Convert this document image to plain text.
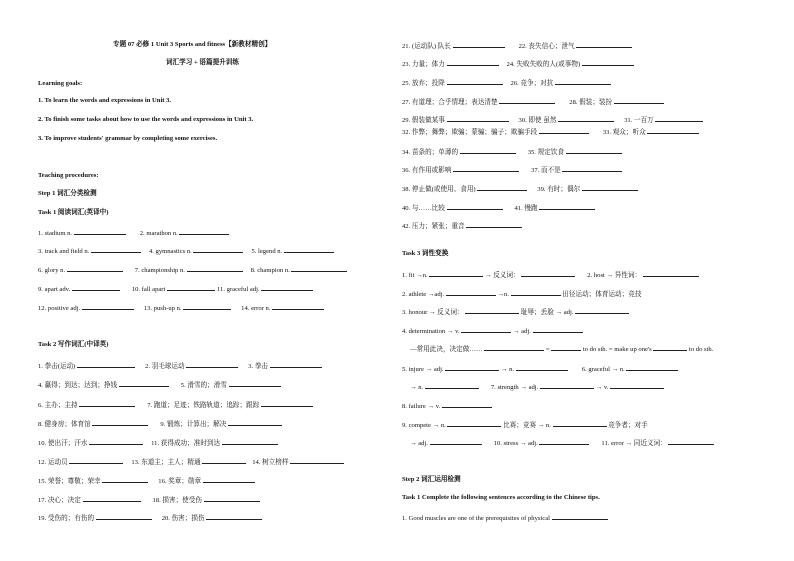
专题 07 必修 1 Unit 3 Sports and fitness【新教材精创】
词汇学习 + 语篇提升训练
Learning goals:
1. To learn the words and expressions in Unit 3.
2. To finish some tasks about how to use the words and expressions in Unit 3.
3. To improve students' grammar by completing some exercises.
Teaching procedures:
Step 1 词汇分类检测
Task 1 阅读词汇(英译中)
1. stadium n.	2. marathon n.
3. track and field n.	4. gymnastics n.	5. legend n.
6. glory n.	7. championship n.	8. champion n.
9. apart adv.	10. fall apart	11. graceful adj.
12. positive adj.	13. push-up n.	14. error n.
Task 2 写作词汇(中译英)
1. 拳击(运动)	2. 羽毛球运动	3. 拳击
4. 赢得；到达；达到；挣钱	5. 滑雪的；滑雪
6. 主办；主持	7. 跑道；足迹；铁路轨道；追踪；跟踪
8. 健身房；体育馆	9. 锻炼；计算出；解决
10. 使出汗；汗水	11. 获得成功；准时到达
12. 运动员	13. 东道主；主人；精通	14. 树立榜样
15. 荣誉；尊敬；荣幸	16. 奖章；勋章
17. 决心；决定	18. 损害；使受伤
19. 受伤的；有伤的	20. 伤害；损伤
21. (运动队) 队长	22. 丧失信心；泄气
23. 力量；体力	24. 失败失败的人(或事物)
25. 放弃；投降	26. 竞争；对抗
27. 有道理；合乎情理；表达清楚	28. 假装；装扮
29. 假装做某事	30. 即使 虽然	31. 一百万
32. 作弊；舞弊；欺骗；蒙骗；骗子；欺骗手段	33. 观众；听众
34. 苗条的；单薄的	35. 规定饮食
36. 有作用或影响	37. 而不是
38. 停止做(或使用、食用)	39. 有时；偶尔
40. 与……比较	41. 慢跑
42. 压力；紧张；重音
Task 3 词性变换
1. fit →n.	→ 反义词：	2. host → 异性词：
2. athlete →adj.	→n.	田径运动；体育运动；竞技
3. honour → 反义词：	耻辱；丢脸 → adj.
4. determination → v.	→ adj.
—常用此决，决定做……	=	to do sth. = make up one's	to do sth.
5. injure → adj.	→ n.	6. graceful → n.
→ n.	7. strength → adj.	→ v.
8. failure → v.
9. compete → n.	比赛；竞赛 → n.	竞争者；对手
→ adj.	10. stress → adj.	11. error → 同近义词：
Step 2 词汇运用检测
Task 1 Complete the following sentences according to the Chinese tips.
1. Good muscles are one of the prerequisites of physical
